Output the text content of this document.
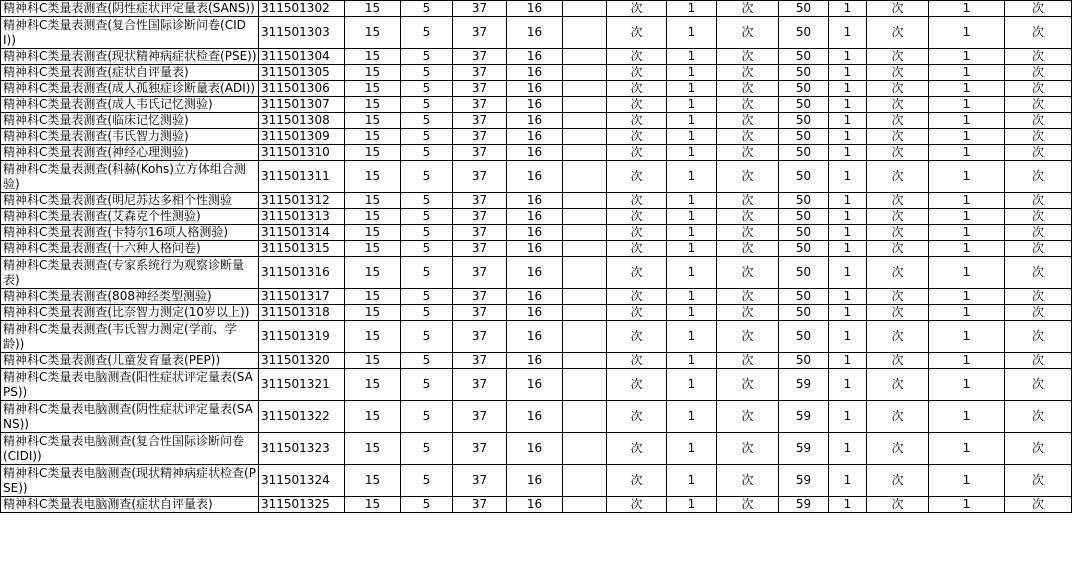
精神科C类量表测查(阴性症状评定量表(SANS))	311501302	15	5	37	16		次	1	次	50	1	次	1	次
精神科C类量表测查(复合性国际诊断问卷(CIDI))	311501303	15	5	37	16		次	1	次	50	1	次	1	次
精神科C类量表测查(现状精神病症状检查(PSE))	311501304	15	5	37	16		次	1	次	50	1	次	1	次
精神科C类量表测查(症状自评量表)	311501305	15	5	37	16		次	1	次	50	1	次	1	次
精神科C类量表测查(成人孤独症诊断量表(ADI))	311501306	15	5	37	16		次	1	次	50	1	次	1	次
精神科C类量表测查(成人韦氏记忆测验)	311501307	15	5	37	16		次	1	次	50	1	次	1	次
精神科C类量表测查(临床记忆测验)	311501308	15	5	37	16		次	1	次	50	1	次	1	次
精神科C类量表测查(韦氏智力测验)	311501309	15	5	37	16		次	1	次	50	1	次	1	次
精神科C类量表测查(神经心理测验)	311501310	15	5	37	16		次	1	次	50	1	次	1	次
精神科C类量表测查(科赫(Kohs)立方体组合测验)	311501311	15	5	37	16		次	1	次	50	1	次	1	次
精神科C类量表测查(明尼苏达多相个性测验	311501312	15	5	37	16		次	1	次	50	1	次	1	次
精神科C类量表测查(艾森克个性测验)	311501313	15	5	37	16		次	1	次	50	1	次	1	次
精神科C类量表测查(卡特尔16项人格测验)	311501314	15	5	37	16		次	1	次	50	1	次	1	次
精神科C类量表测查(十六种人格问卷)	311501315	15	5	37	16		次	1	次	50	1	次	1	次
精神科C类量表测查(专家系统行为观察诊断量表)	311501316	15	5	37	16		次	1	次	50	1	次	1	次
精神科C类量表测查(808神经类型测验)	311501317	15	5	37	16		次	1	次	50	1	次	1	次
精神科C类量表测查(比奈智力测定(10岁以上))	311501318	15	5	37	16		次	1	次	50	1	次	1	次
精神科C类量表测查(韦氏智力测定(学前、学龄))	311501319	15	5	37	16		次	1	次	50	1	次	1	次
精神科C类量表测查(儿童发育量表(PEP))	311501320	15	5	37	16		次	1	次	50	1	次	1	次
精神科C类量表电脑测查(阳性症状评定量表(SAPS))	311501321	15	5	37	16		次	1	次	59	1	次	1	次
精神科C类量表电脑测查(阴性症状评定量表(SANS))	311501322	15	5	37	16		次	1	次	59	1	次	1	次
精神科C类量表电脑测查(复合性国际诊断问卷(CIDI))	311501323	15	5	37	16		次	1	次	59	1	次	1	次
精神科C类量表电脑测查(现状精神病症状检查(PSE))	311501324	15	5	37	16		次	1	次	59	1	次	1	次
精神科C类量表电脑测查(症状自评量表)	311501325	15	5	37	16		次	1	次	59	1	次	1	次
